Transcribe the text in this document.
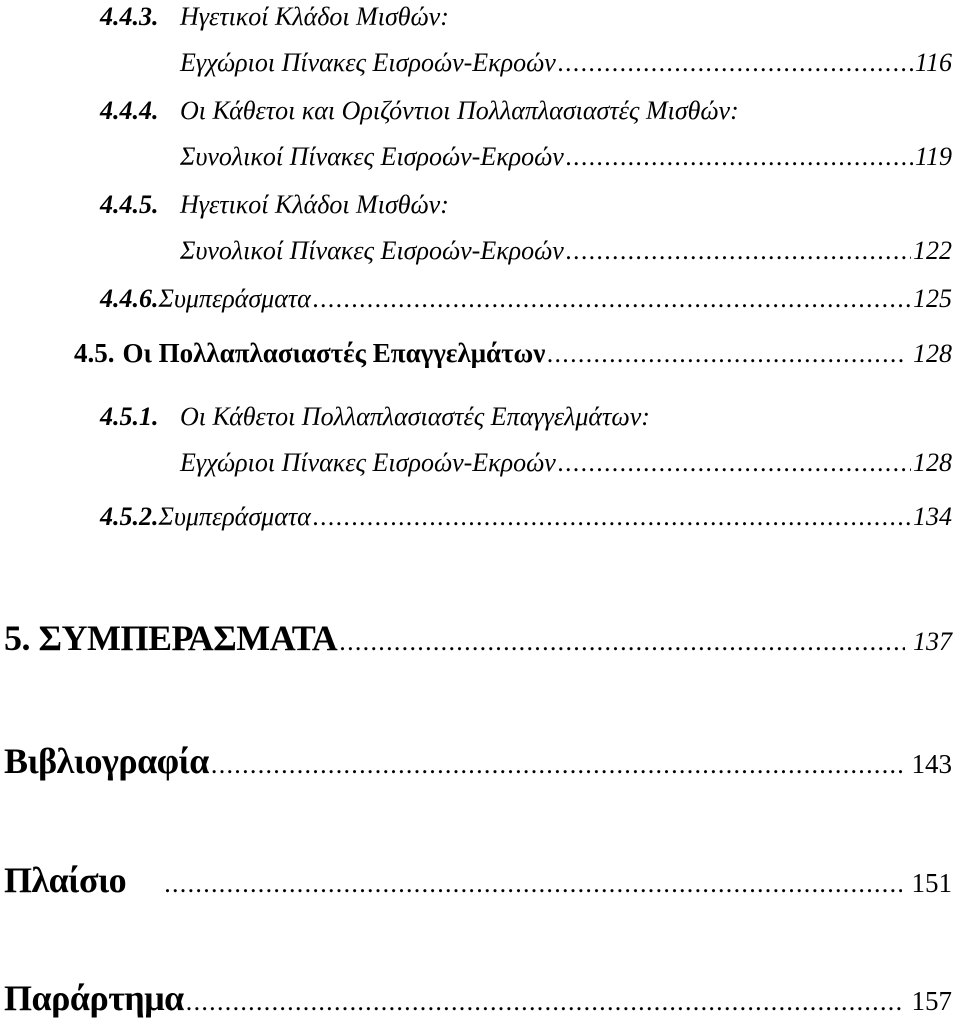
4.4.3. Ηγετικοί Κλάδοι Μισθών:
Εγχώριοι Πίνακες Εισροών-Εκροών . . .	116
4.4.4. Οι Κάθετοι και Οριζόντιοι Πολλαπλασιαστές Μισθών:
Συνολικοί Πίνακες Εισροών-Εκροών . . .	119
4.4.5. Ηγετικοί Κλάδοι Μισθών:
Συνολικοί Πίνακες Εισροών-Εκροών . . .	122
4.4.6. Συμπεράσματα . . .	125
4.5. Οι Πολλαπλασιαστές Επαγγελμάτων . . .	128
4.5.1. Οι Κάθετοι Πολλαπλασιαστές Επαγγελμάτων:
Εγχώριοι Πίνακες Εισροών-Εκροών . . .	128
4.5.2. Συμπεράσματα . . .	134
5. ΣΥΜΠΕΡΑΣΜΑΤΑ . . .	137
Βιβλιογραφία . . .	143
Πλαίσιο . . .	151
Παράρτημα . . .	157
